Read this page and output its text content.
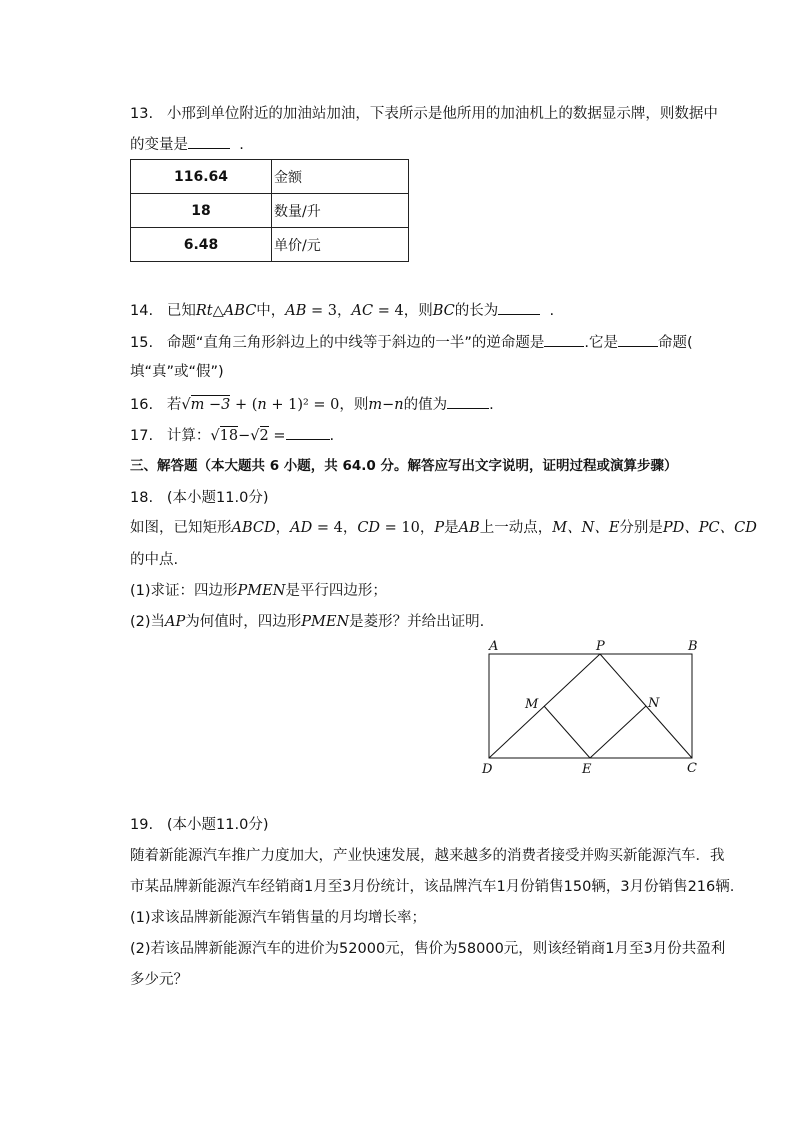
13. 小邢到单位附近的加油站加油，下表所示是他所用的加油机上的数据显示牌，则数据中
的变量是	.
116.64	金额
18	数量/升
6.48	单价/元
14. 已知Rt△ABC中，AB = 3，AC = 4，则BC的长为	.
15. 命题“直角三角形斜边上的中线等于斜边的一半”的逆命题是	.它是	命题(
填“真”或“假”)
16. 若√m −3 + (n + 1)² = 0，则m−n的值为	.
17. 计算：√18−√2 =	.
三、解答题（本大题共 6 小题，共 64.0 分。解答应写出文字说明，证明过程或演算步骤）
18. (本小题11.0分)
如图，已知矩形ABCD，AD = 4，CD = 10，P是AB上一动点，M、N、E分别是PD、PC、CD
的中点.
(1)求证：四边形PMEN是平行四边形；
(2)当AP为何值时，四边形PMEN是菱形？并给出证明.
A	P	B
M	N
D	E	C
19. (本小题11.0分)
随着新能源汽车推广力度加大，产业快速发展，越来越多的消费者接受并购买新能源汽车．我
市某品牌新能源汽车经销商1月至3月份统计，该品牌汽车1月份销售150辆，3月份销售216辆.
(1)求该品牌新能源汽车销售量的月均增长率；
(2)若该品牌新能源汽车的进价为52000元，售价为58000元，则该经销商1月至3月份共盈利
多少元？
